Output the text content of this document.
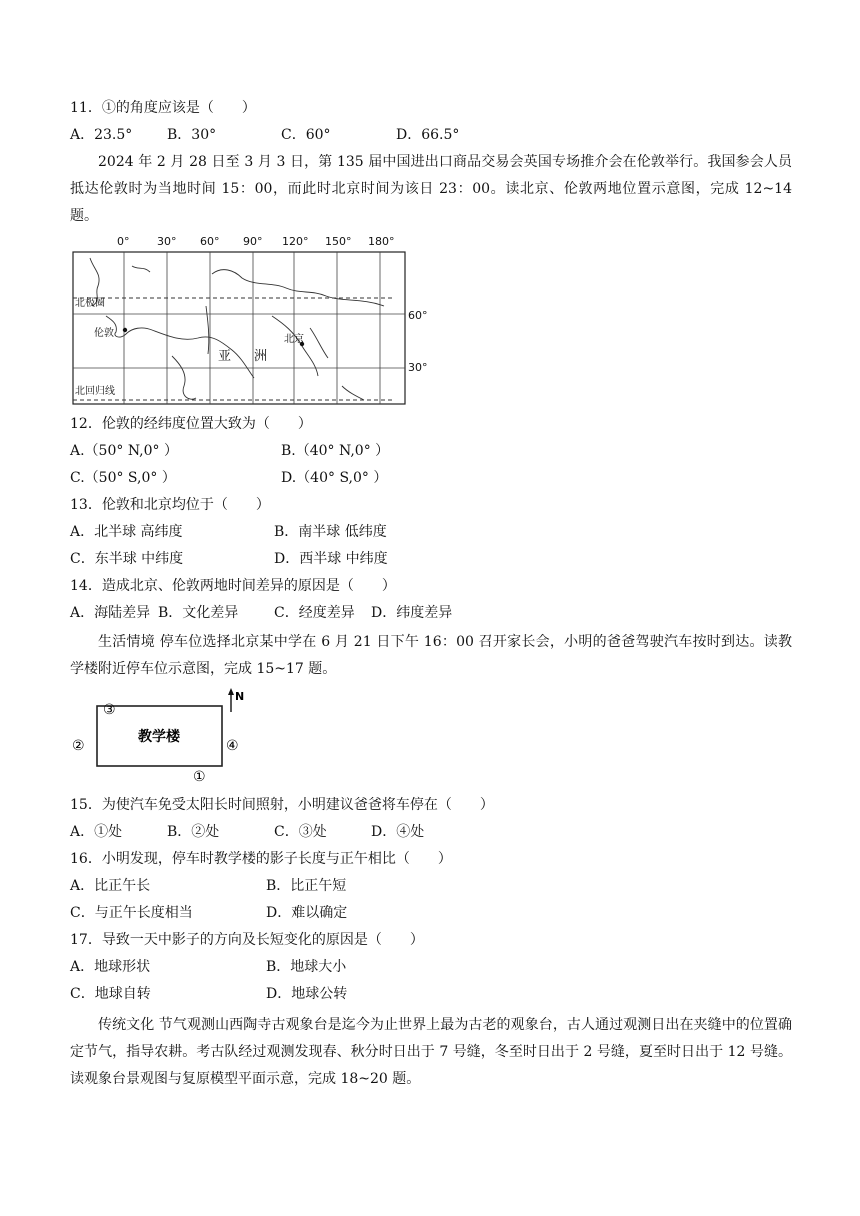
11．①的角度应该是（　　）
A．23.5° B．30°	C．60°	D．66.5°
2024 年 2 月 28 日至 3 月 3 日，第 135 届中国进出口商品交易会英国专场推介会在伦敦举行。我国参会人员抵达伦敦时为当地时间 15：00，而此时北京时间为该日 23：00。读北京、伦敦两地位置示意图，完成 12~14 题。
北极圈
伦敦
北京
北回归线
亚 洲
0°	30° 60° 90° 120° 150° 180°
60°
30°
12．伦敦的经纬度位置大致为（　　）
A.（50° N,0° ）	B.（40° N,0° ）
C.（50° S,0° ）	D.（40° S,0° ）
13．伦敦和北京均位于（　　）
A．北半球 高纬度	B．南半球 低纬度
C．东半球 中纬度	D．西半球 中纬度
14．造成北京、伦敦两地时间差异的原因是（　　）
A．海陆差异 B．文化差异	C．经度差异 D．纬度差异
生活情境 停车位选择北京某中学在 6 月 21 日下午 16：00 召开家长会，小明的爸爸驾驶汽车按时到达。读教学楼附近停车位示意图，完成 15~17 题。
教学楼
N
③
②	④
①
15．为使汽车免受太阳长时间照射，小明建议爸爸将车停在（　　）
A．①处	B．②处	C．③处	D．④处
16．小明发现，停车时教学楼的影子长度与正午相比（　　）
A．比正午长	B．比正午短
C．与正午长度相当	D．难以确定
17．导致一天中影子的方向及长短变化的原因是（　　）
A．地球形状	B．地球大小
C．地球自转	D．地球公转
传统文化 节气观测山西陶寺古观象台是迄今为止世界上最为古老的观象台，古人通过观测日出在夹缝中的位置确定节气，指导农耕。考古队经过观测发现春、秋分时日出于 7 号缝，冬至时日出于 2 号缝，夏至时日出于 12 号缝。读观象台景观图与复原模型平面示意，完成 18~20 题。
